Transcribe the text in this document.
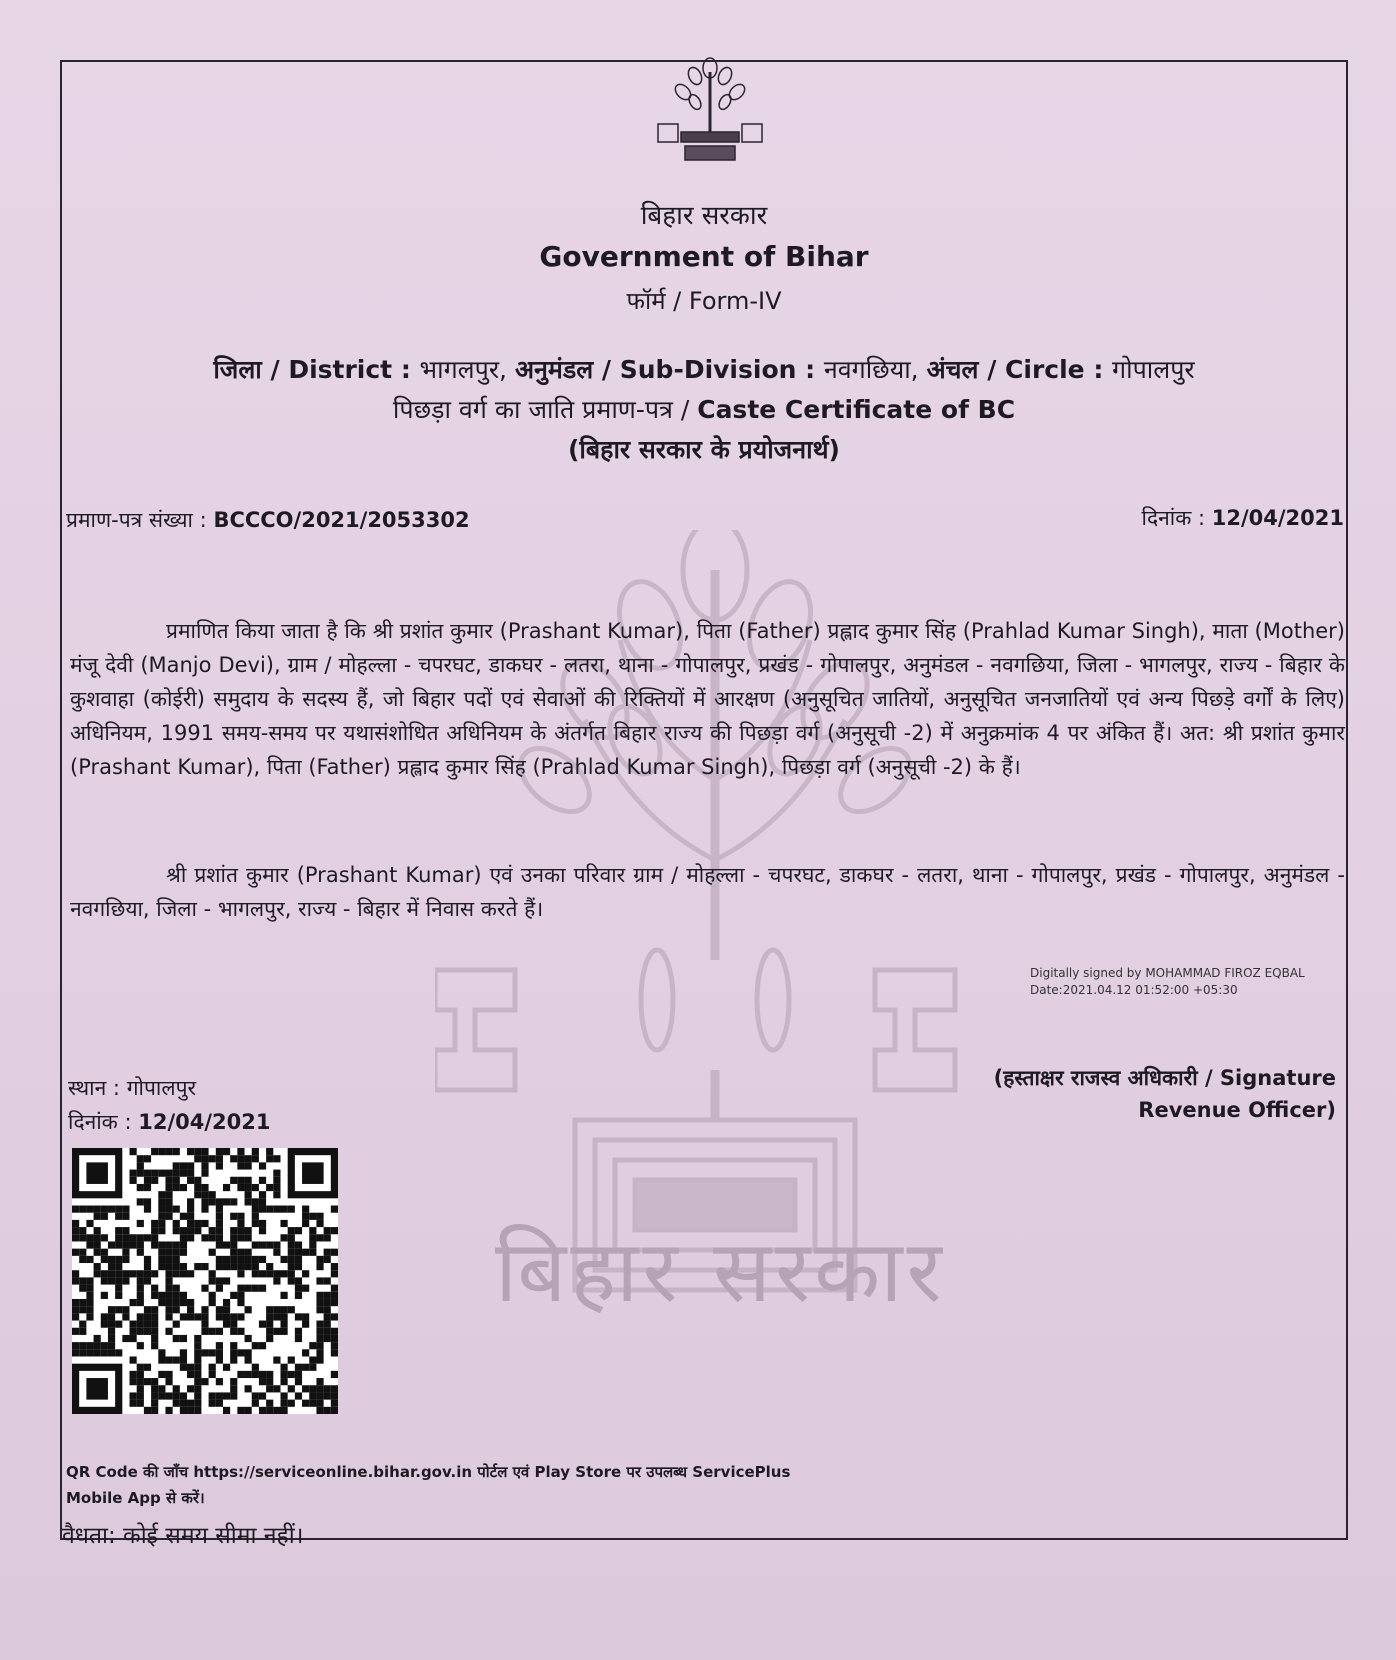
बिहार सरकार
बिहार सरकार
Government of Bihar
फॉर्म / Form-IV
जिला / District : भागलपुर, अनुमंडल / Sub-Division : नवगछिया, अंचल / Circle : गोपालपुर
पिछड़ा वर्ग का जाति प्रमाण-पत्र / Caste Certificate of BC
(बिहार सरकार के प्रयोजनार्थ)
प्रमाण-पत्र संख्या : BCCCO/2021/2053302	दिनांक : 12/04/2021
प्रमाणित किया जाता है कि श्री प्रशांत कुमार (Prashant Kumar), पिता (Father) प्रह्लाद कुमार सिंह (Prahlad Kumar Singh), माता (Mother) मंजू देवी (Manjo Devi), ग्राम / मोहल्ला - चपरघट, डाकघर - लतरा, थाना - गोपालपुर, प्रखंड - गोपालपुर, अनुमंडल - नवगछिया, जिला - भागलपुर, राज्य - बिहार के कुशवाहा (कोईरी) समुदाय के सदस्य हैं, जो बिहार पदों एवं सेवाओं की रिक्तियों में आरक्षण (अनुसूचित जातियों, अनुसूचित जनजातियों एवं अन्य पिछड़े वर्गों के लिए) अधिनियम, 1991 समय-समय पर यथासंशोधित अधिनियम के अंतर्गत बिहार राज्य की पिछड़ा वर्ग (अनुसूची -2) में अनुक्रमांक 4 पर अंकित हैं। अत: श्री प्रशांत कुमार (Prashant Kumar), पिता (Father) प्रह्लाद कुमार सिंह (Prahlad Kumar Singh), पिछड़ा वर्ग (अनुसूची -2) के हैं।
श्री प्रशांत कुमार (Prashant Kumar) एवं उनका परिवार ग्राम / मोहल्ला - चपरघट, डाकघर - लतरा, थाना - गोपालपुर, प्रखंड - गोपालपुर, अनुमंडल - नवगछिया, जिला - भागलपुर, राज्य - बिहार में निवास करते हैं।
Digitally signed by MOHAMMAD FIROZ EQBAL
Date:2021.04.12 01:52:00 +05:30
(हस्ताक्षर राजस्व अधिकारी / Signature
Revenue Officer)
स्थान : गोपालपुर
दिनांक : 12/04/2021
QR Code की जाँच https://serviceonline.bihar.gov.in पोर्टल एवं Play Store पर उपलब्ध ServicePlus
Mobile App से करें।
वैधता: कोई समय सीमा नहीं।
